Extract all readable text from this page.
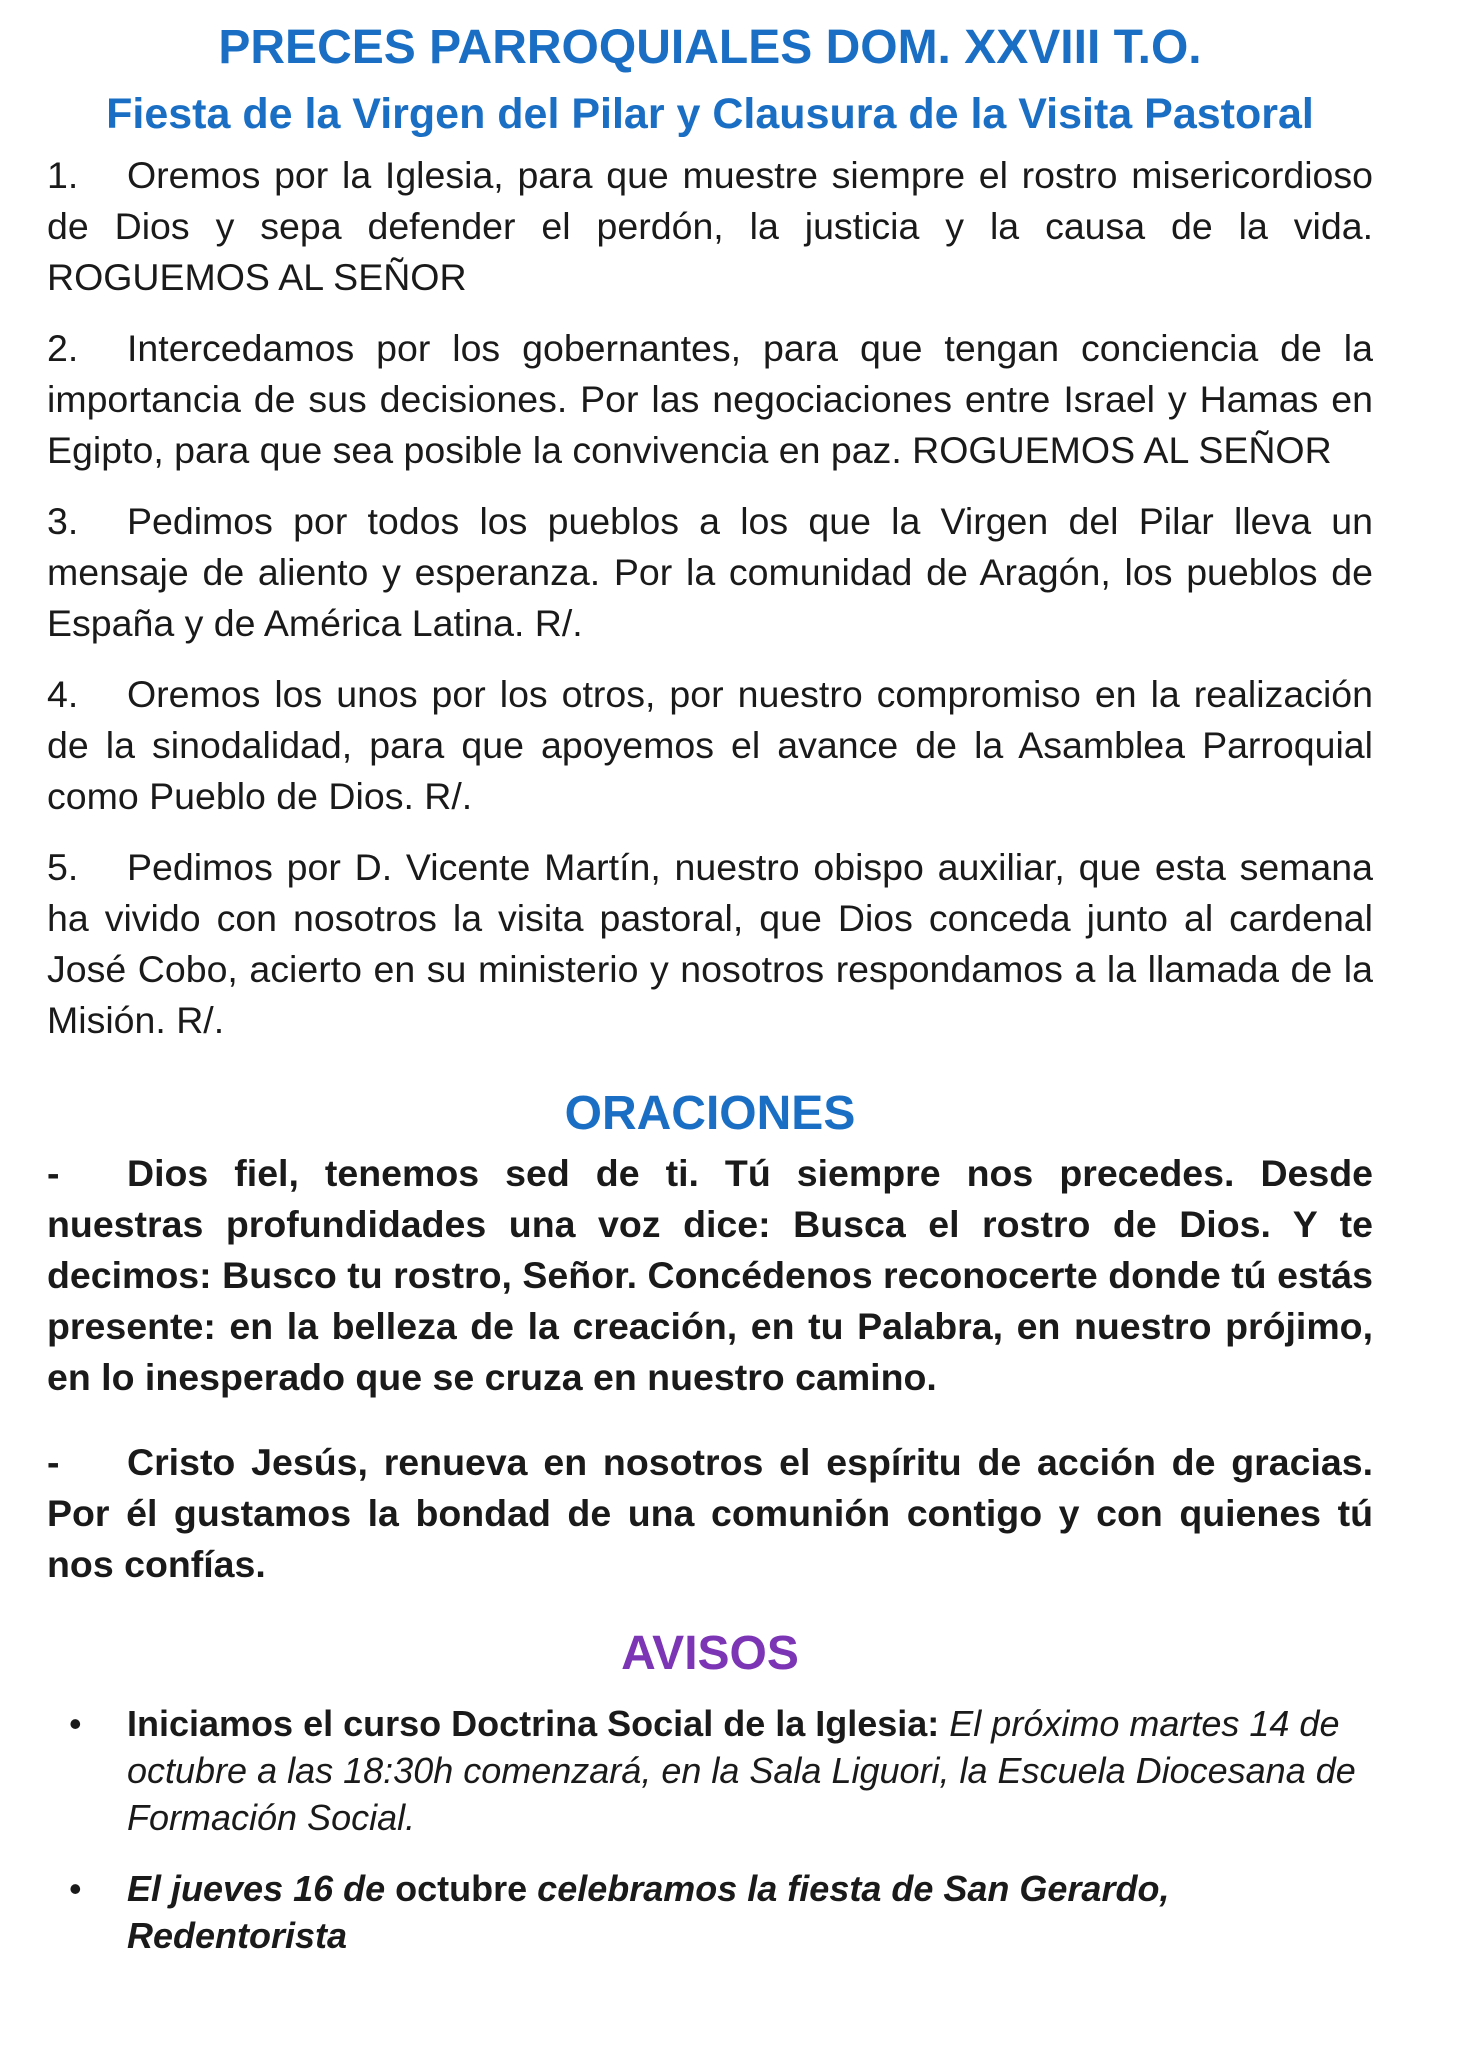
PRECES PARROQUIALES DOM. XXVIII T.O.
Fiesta de la Virgen del Pilar y Clausura de la Visita Pastoral

1. Oremos por la Iglesia, para que muestre siempre el rostro misericordioso de Dios y sepa defender el perdón, la justicia y la causa de la vida. ROGUEMOS AL SEÑOR

2. Intercedamos por los gobernantes, para que tengan conciencia de la importancia de sus decisiones. Por las negociaciones entre Israel y Hamas en Egipto, para que sea posible la convivencia en paz. ROGUEMOS AL SEÑOR

3. Pedimos por todos los pueblos a los que la Virgen del Pilar lleva un mensaje de aliento y esperanza. Por la comunidad de Aragón, los pueblos de España y de América Latina. R/.

4. Oremos los unos por los otros, por nuestro compromiso en la realización de la sinodalidad, para que apoyemos el avance de la Asamblea Parroquial como Pueblo de Dios. R/.

5. Pedimos por D. Vicente Martín, nuestro obispo auxiliar, que esta semana ha vivido con nosotros la visita pastoral, que Dios conceda junto al cardenal José Cobo, acierto en su ministerio y nosotros respondamos a la llamada de la Misión. R/.

ORACIONES

- Dios fiel, tenemos sed de ti. Tú siempre nos precedes. Desde nuestras profundidades una voz dice: Busca el rostro de Dios. Y te decimos: Busco tu rostro, Señor. Concédenos reconocerte donde tú estás presente: en la belleza de la creación, en tu Palabra, en nuestro prójimo, en lo inesperado que se cruza en nuestro camino.

- Cristo Jesús, renueva en nosotros el espíritu de acción de gracias. Por él gustamos la bondad de una comunión contigo y con quienes tú nos confías.

AVISOS
• Iniciamos el curso Doctrina Social de la Iglesia: El próximo martes 14 de octubre a las 18:30h comenzará, en la Sala Liguori, la Escuela Diocesana de Formación Social.
• El jueves 16 de octubre celebramos la fiesta de San Gerardo, Redentorista
